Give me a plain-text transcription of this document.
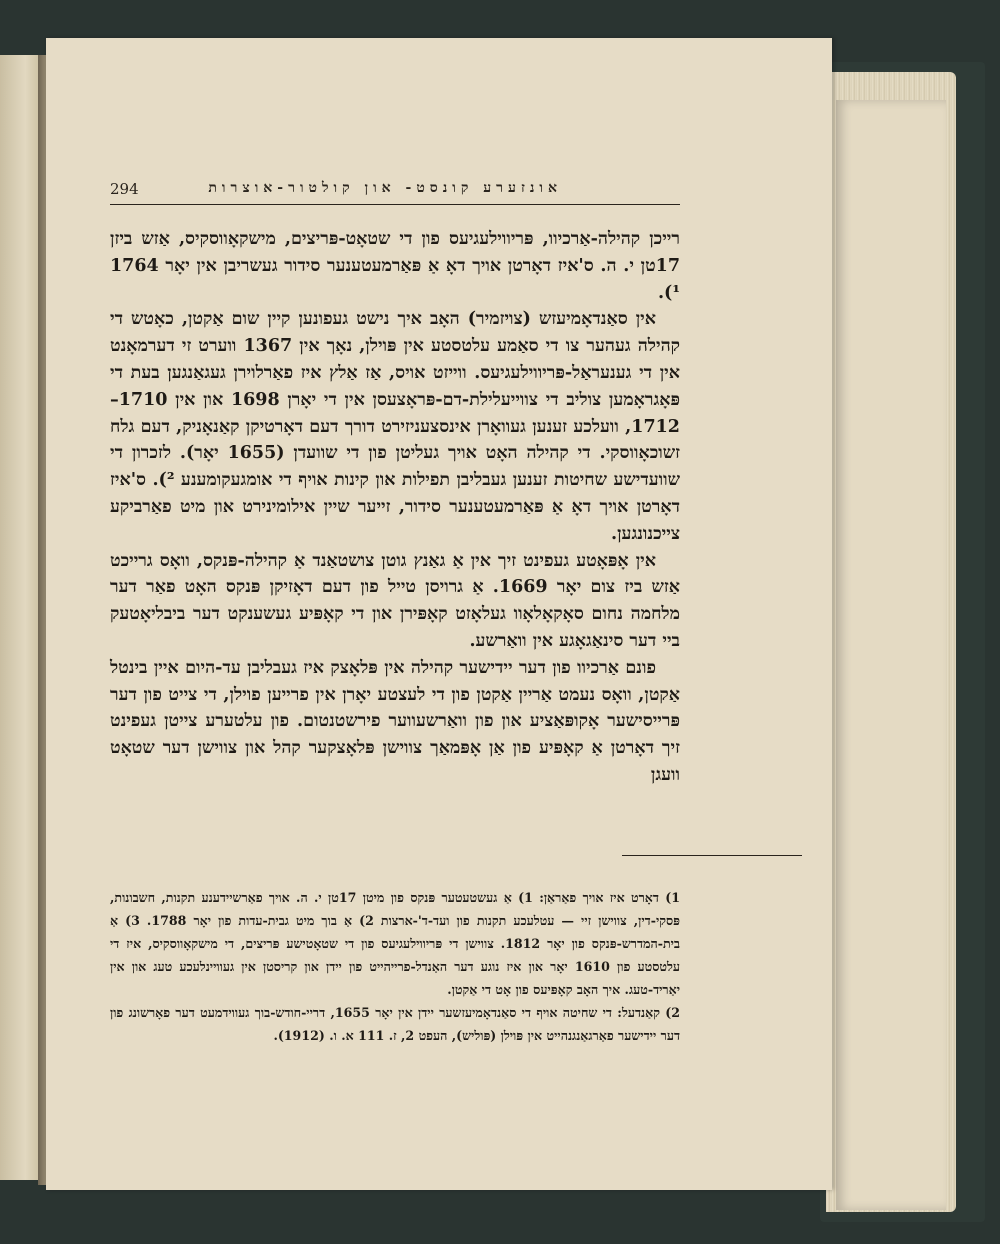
294	אונזערע קונסט- און קולטור-אוצרות

רייכן קהילה-אַרכיוו, פּריווילעגיעס פון די שטאָט-פּריצים, מישקאָווסקיס, אַזש ביזן 17טן י. ה. ס'איז דאָרטן אויך דאָ אַ פּאַרמעטענער סידור געשריבן אין יאָר 1764 ¹).

אין סאַנדאָמיעזש (צויזמיר) האָב איך נישט געפונען קיין שום אַקטן, כאָטש די קהילה געהער צו די סאַמע עלטסטע אין פּוילן, נאָך אין 1367 ווערט זי דערמאָנט אין די גענעראַל-פּריווילעגיעס. ווייזט אויס, אַז אַלץ איז פאַרלוירן געגאַנגען בעת די פּאָגראָמען צוליב די צווייעלילת-דם-פּראָצעסן אין די יאָרן 1698 און אין 1710–1712, וועלכע זענען געוואָרן אינסצעניזירט דורך דעם דאָרטיקן קאַנאָניק, דעם גלח זשוכאָווסקי. די קהילה האָט אויך געליטן פון די שוועדן (1655 יאָר). לזכרון די שוועדישע שחיטות זענען געבליבן תפילות און קינות אויף די אומגעקומענע ²). ס'איז דאָרטן אויך דאָ אַ פּאַרמעטענער סידור, זייער שיין אילומינירט און מיט פאַרביקע צייכנונגען.

אין אָפּאָטע געפינט זיך אין אַ גאַנץ גוטן צושטאַנד אַ קהילה-פּנקס, וואָס גרייכט אַזש ביז צום יאָר 1669. אַ גרויסן טייל פון דעם דאָזיקן פּנקס האָט פאַר דער מלחמה נחום סאָקאָלאָוו געלאָזט קאָפּירן און די קאָפּיע געשענקט דער ביבליאָטעק ביי דער סינאַגאָגע אין וואַרשע.

פונם אַרכיוו פון דער יידישער קהילה אין פּלאָצק איז געבליבן עד-היום איין בינטל אַקטן, וואָס נעמט אַריין אַקטן פון די לעצטע יאָרן אין פרייען פוילן, די צייט פון דער פּרייסישער אָקופּאַציע און פון וואַרשעווער פירשטנטום. פון עלטערע צייטן געפינט זיך דאָרטן אַ קאָפּיע פון אַן אָפּמאַך צווישן פּלאָצקער קהל און צווישן דער שטאָט וועגן

1) דאָרט איז אויך פאַראַן: 1) אַ געשטעטער פּנקס פון מיטן 17טן י. ה. אויך פאַרשיידענע תקנות, חשבונות, פּסקי-דין, צווישן זיי — עטלעכע תקנות פון ועד-ד'-ארצות 2) אַ בוך מיט גבית-עדות פון יאָר 1788. 3) אַ בית-המדרש-פּנקס פון יאָר 1812. צווישן די פּריווילעגיעס פון די שטאָטישע פּריצים, די מישקאָווסקיס, איז די עלטסטע פון 1610 יאָר און איז נוגע דער האַנדל-פרייהייט פון יידן און קריסטן אין געוויינלעכע טעג און אין יאַריד-טעג. איך האָב קאָפּיעס פון אָט די אַקטן.

2) קאַנדעל: די שחיטה אויף די סאַנדאָמיעזשער יידן אין יאָר 1655, דריי-חודש-בוך געווידמעט דער פאָרשונג פון דער יידישער פאַרגאַנגנהייט אין פּוילן (פּוליש), העפט 2, ז. 111 א. ו. (1912).
